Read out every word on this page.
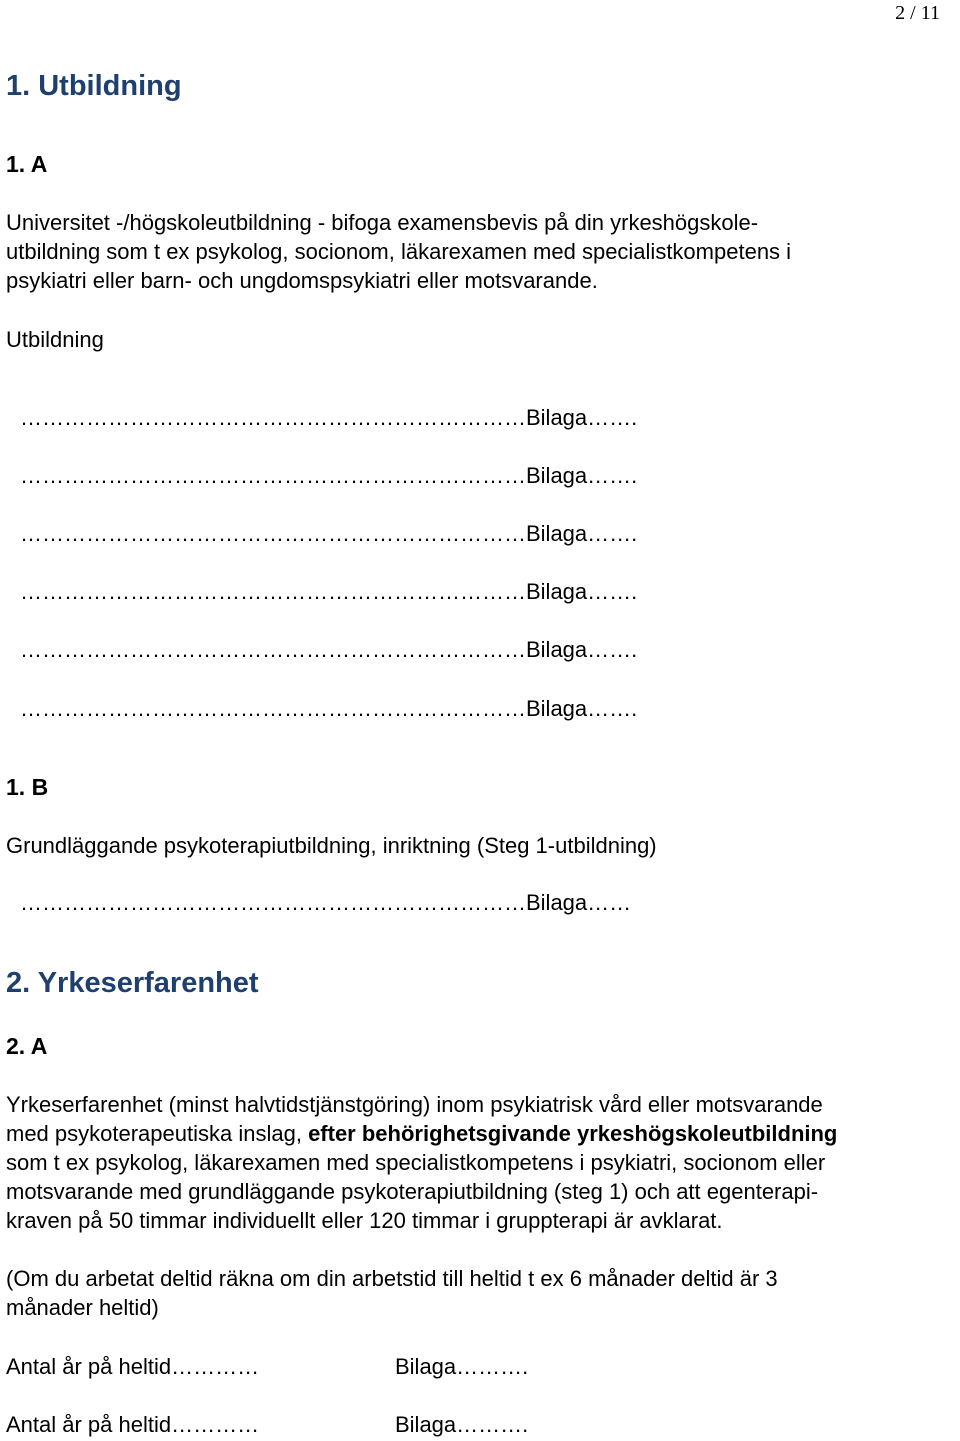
2 / 11
1. Utbildning
1. A
Universitet -/högskoleutbildning - bifoga examensbevis på din yrkeshögskole-
utbildning som t ex psykolog, socionom, läkarexamen med specialistkompetens i
psykiatri eller barn- och ungdomspsykiatri eller motsvarande.
Utbildning
……………………………………………………………Bilaga…….
……………………………………………………………Bilaga…….
……………………………………………………………Bilaga…….
……………………………………………………………Bilaga…….
……………………………………………………………Bilaga…….
……………………………………………………………Bilaga…….
1. B
Grundläggande psykoterapiutbildning, inriktning (Steg 1-utbildning)
……………………………………………………………Bilaga……
2. Yrkeserfarenhet
2. A
Yrkeserfarenhet (minst halvtidstjänstgöring) inom psykiatrisk vård eller motsvarande
med psykoterapeutiska inslag, efter behörighetsgivande yrkeshögskoleutbildning
som t ex psykolog, läkarexamen med specialistkompetens i psykiatri, socionom eller
motsvarande med grundläggande psykoterapiutbildning (steg 1) och att egenterapi-
kraven på 50 timmar individuellt eller 120 timmar i gruppterapi är avklarat.
(Om du arbetat deltid räkna om din arbetstid till heltid t ex 6 månader deltid är 3
månader heltid)
Antal år på heltid…………	Bilaga……….
Antal år på heltid…………	Bilaga……….
